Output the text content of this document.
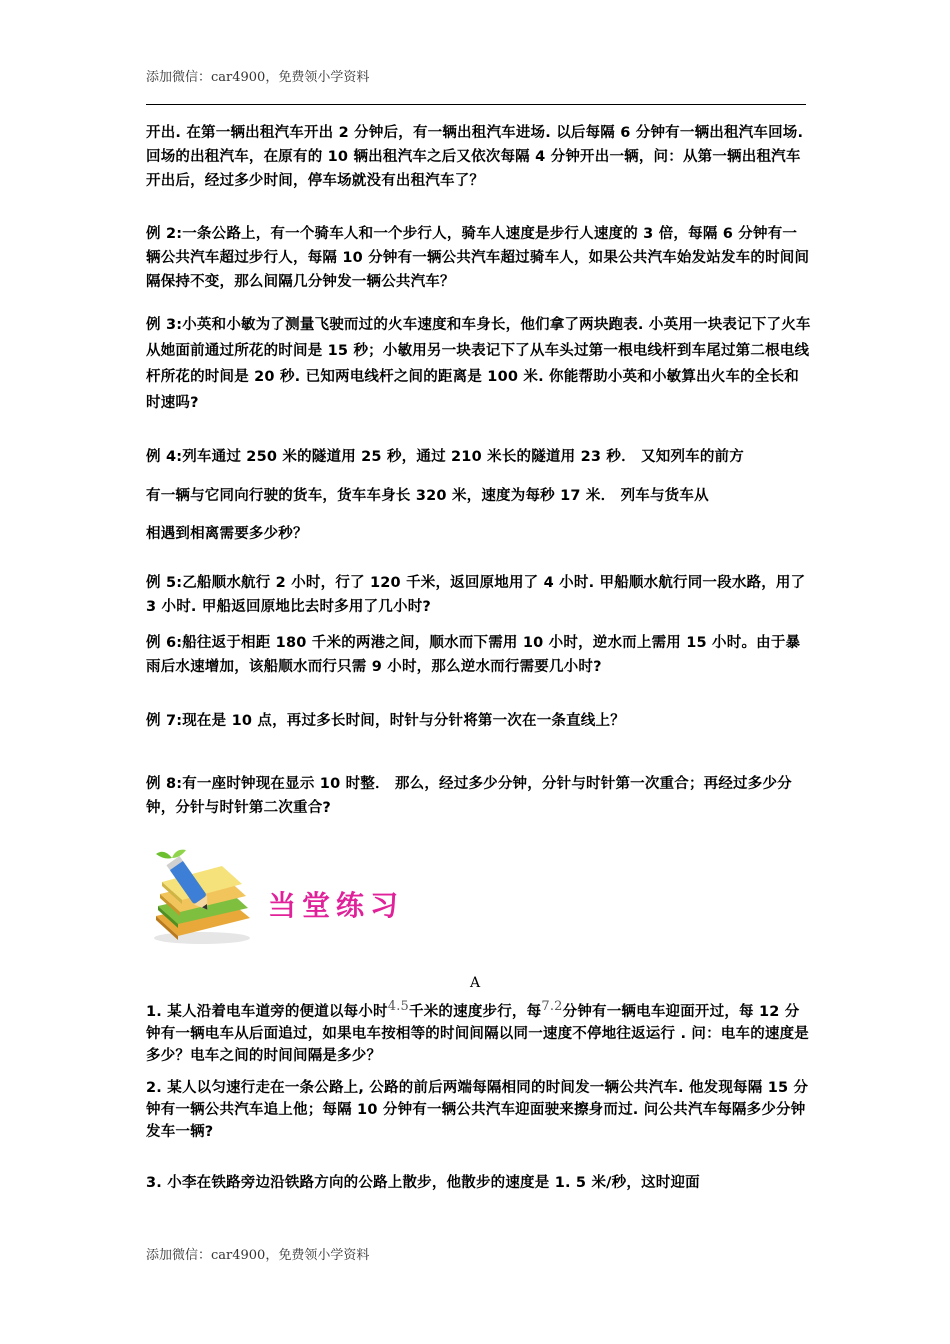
添加微信：car4900，免费领小学资料

开出. 在第一辆出租汽车开出 2 分钟后，有一辆出租汽车进场. 以后每隔 6 分钟有一辆出租汽车回场. 回场的出租汽车，在原有的 10 辆出租汽车之后又依次每隔 4 分钟开出一辆，问：从第一辆出租汽车开出后，经过多少时间，停车场就没有出租汽车了？

例 2:一条公路上，有一个骑车人和一个步行人，骑车人速度是步行人速度的 3 倍，每隔 6 分钟有一辆公共汽车超过步行人，每隔 10 分钟有一辆公共汽车超过骑车人，如果公共汽车始发站发车的时间间隔保持不变，那么间隔几分钟发一辆公共汽车？

例 3:小英和小敏为了测量飞驶而过的火车速度和车身长，他们拿了两块跑表. 小英用一块表记下了火车从她面前通过所花的时间是 15 秒；小敏用另一块表记下了从车头过第一根电线杆到车尾过第二根电线杆所花的时间是 20 秒. 已知两电线杆之间的距离是 100 米. 你能帮助小英和小敏算出火车的全长和时速吗?

例 4:列车通过 250 米的隧道用 25 秒，通过 210 米长的隧道用 23 秒． 又知列车的前方

有一辆与它同向行驶的货车，货车车身长 320 米，速度为每秒 17 米． 列车与货车从

相遇到相离需要多少秒？

例 5:乙船顺水航行 2 小时，行了 120 千米，返回原地用了 4 小时. 甲船顺水航行同一段水路，用了 3 小时. 甲船返回原地比去时多用了几小时?

例 6:船往返于相距 180 千米的两港之间，顺水而下需用 10 小时，逆水而上需用 15 小时。由于暴雨后水速增加，该船顺水而行只需 9 小时，那么逆水而行需要几小时?

例 7:现在是 10 点，再过多长时间，时针与分针将第一次在一条直线上？

例 8:有一座时钟现在显示 10 时整． 那么，经过多少分钟，分针与时针第一次重合；再经过多少分钟，分针与时针第二次重合?

当堂练习
A

1. 某人沿着电车道旁的便道以每小时4.5千米的速度步行，每7.2分钟有一辆电车迎面开过，每 12 分钟有一辆电车从后面追过，如果电车按相等的时间间隔以同一速度不停地往返运行 . 问：电车的速度是多少？电车之间的时间间隔是多少？

2. 某人以匀速行走在一条公路上, 公路的前后两端每隔相同的时间发一辆公共汽车. 他发现每隔 15 分钟有一辆公共汽车追上他；每隔 10 分钟有一辆公共汽车迎面驶来擦身而过. 问公共汽车每隔多少分钟发车一辆?

3. 小李在铁路旁边沿铁路方向的公路上散步，他散步的速度是 1. 5 米/秒，这时迎面

添加微信：car4900，免费领小学资料
